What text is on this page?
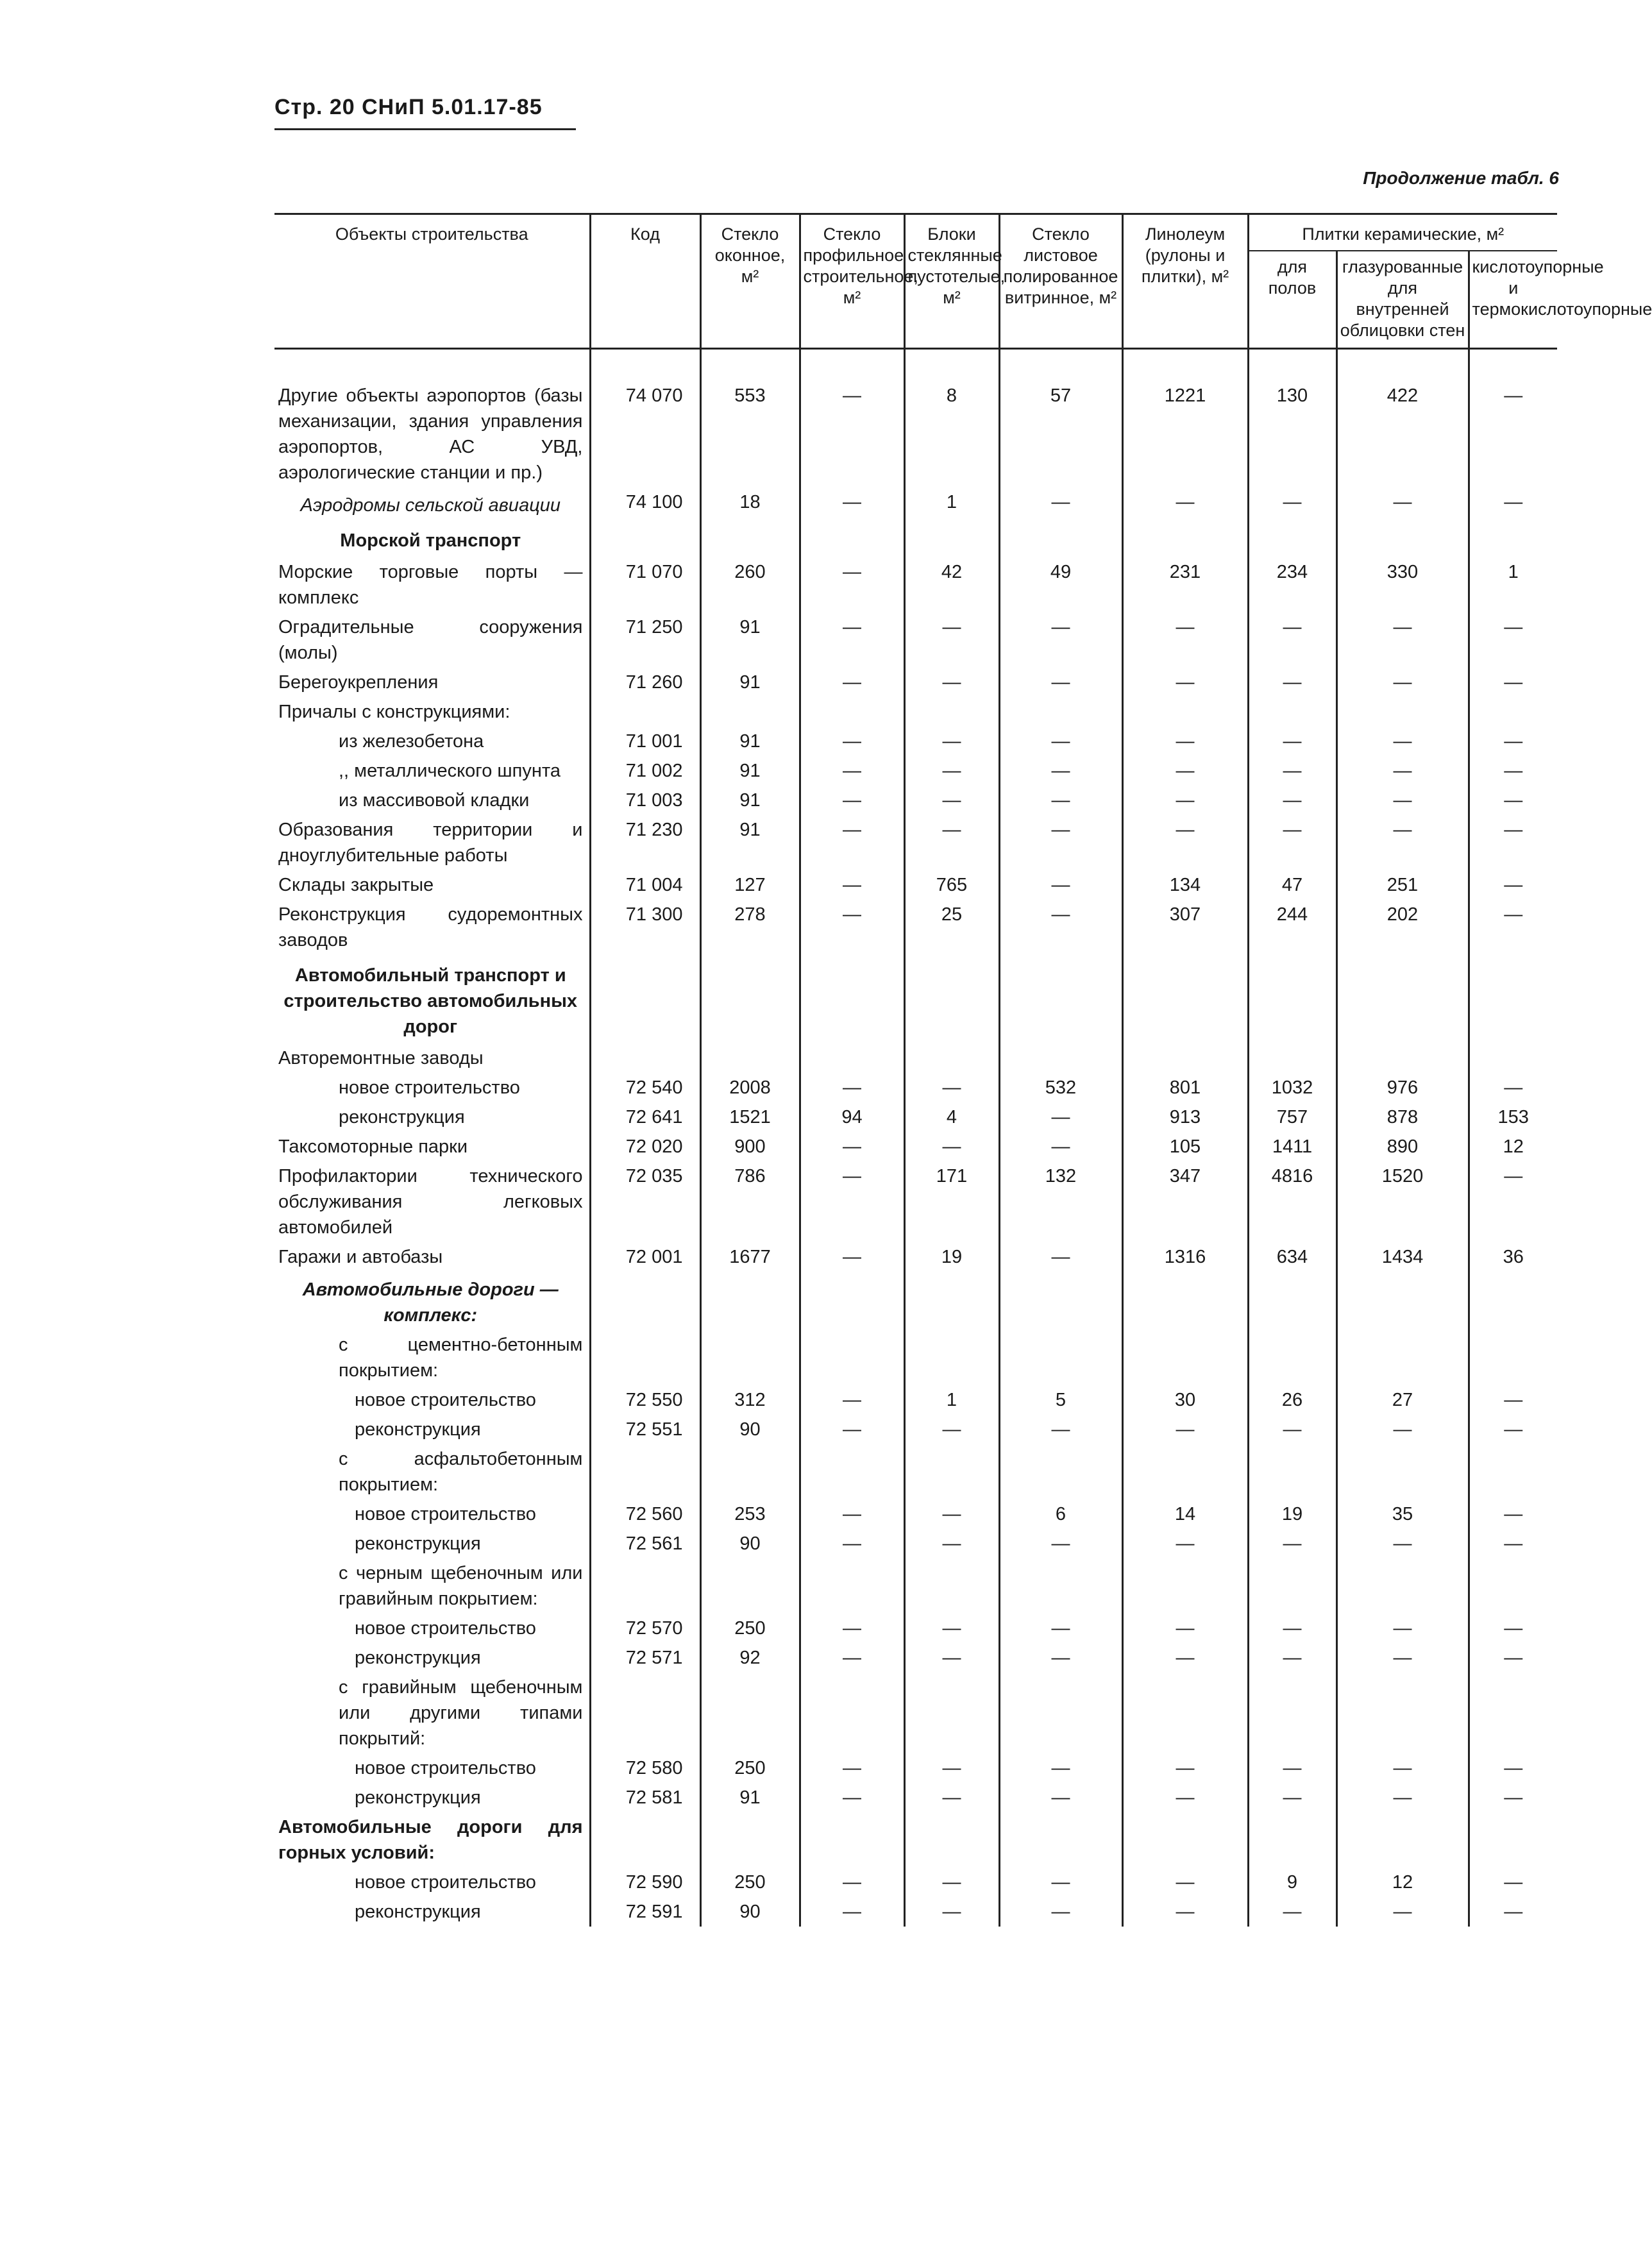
Стр. 20 СНиП 5.01.17-85
Продолжение табл. 6
Объекты строительства	Код	Стекло оконное, м²	Стекло профильное строительное, м²	Блоки стеклянные пустотелые, м²	Стекло листовое полированное витринное, м²	Линолеум (рулоны и плитки), м²	Плитки керамические, м²		
							для полов	глазурованные для внутренней облицовки стен	кислотоупорные и термокислотоупорные
Другие объекты аэропортов (базы механизации, здания управления аэропортов, АС УВД, аэрологические станции и пр.)	74 070	553	—	8	57	1221	130	422	—
Аэродромы сельской авиации	74 100	18	—	1	—	—	—	—	—
Морской транспорт									
Морские торговые порты — комплекс	71 070	260	—	42	49	231	234	330	1
Оградительные сооружения (молы)	71 250	91	—	—	—	—	—	—	—
Берегоукрепления	71 260	91	—	—	—	—	—	—	—
Причалы с конструкциями:									
из железобетона	71 001	91	—	—	—	—	—	—	—
,, металлического шпунта	71 002	91	—	—	—	—	—	—	—
из массивовой кладки	71 003	91	—	—	—	—	—	—	—
Образования территории и дноуглубительные работы	71 230	91	—	—	—	—	—	—	—
Склады закрытые	71 004	127	—	765	—	134	47	251	—
Реконструкция судоремонтных заводов	71 300	278	—	25	—	307	244	202	—
Автомобильный транспорт и строительство автомобильных дорог									
Авторемонтные заводы									
новое строительство	72 540	2008	—	—	532	801	1032	976	—
реконструкция	72 641	1521	94	4	—	913	757	878	153
Таксомоторные парки	72 020	900	—	—	—	105	1411	890	12
Профилактории технического обслуживания легковых автомобилей	72 035	786	—	171	132	347	4816	1520	—
Гаражи и автобазы	72 001	1677	—	19	—	1316	634	1434	36
Автомобильные дороги — комплекс:									
с цементно-бетонным покрытием:									
новое строительство	72 550	312	—	1	5	30	26	27	—
реконструкция	72 551	90	—	—	—	—	—	—	—
с асфальтобетонным покрытием:									
новое строительство	72 560	253	—	—	6	14	19	35	—
реконструкция	72 561	90	—	—	—	—	—	—	—
с черным щебеночным или гравийным покрытием:									
новое строительство	72 570	250	—	—	—	—	—	—	—
реконструкция	72 571	92	—	—	—	—	—	—	—
с гравийным щебеночным или другими типами покрытий:									
новое строительство	72 580	250	—	—	—	—	—	—	—
реконструкция	72 581	91	—	—	—	—	—	—	—
Автомобильные дороги для горных условий:									
новое строительство	72 590	250	—	—	—	—	9	12	—
реконструкция	72 591	90	—	—	—	—	—	—	—
